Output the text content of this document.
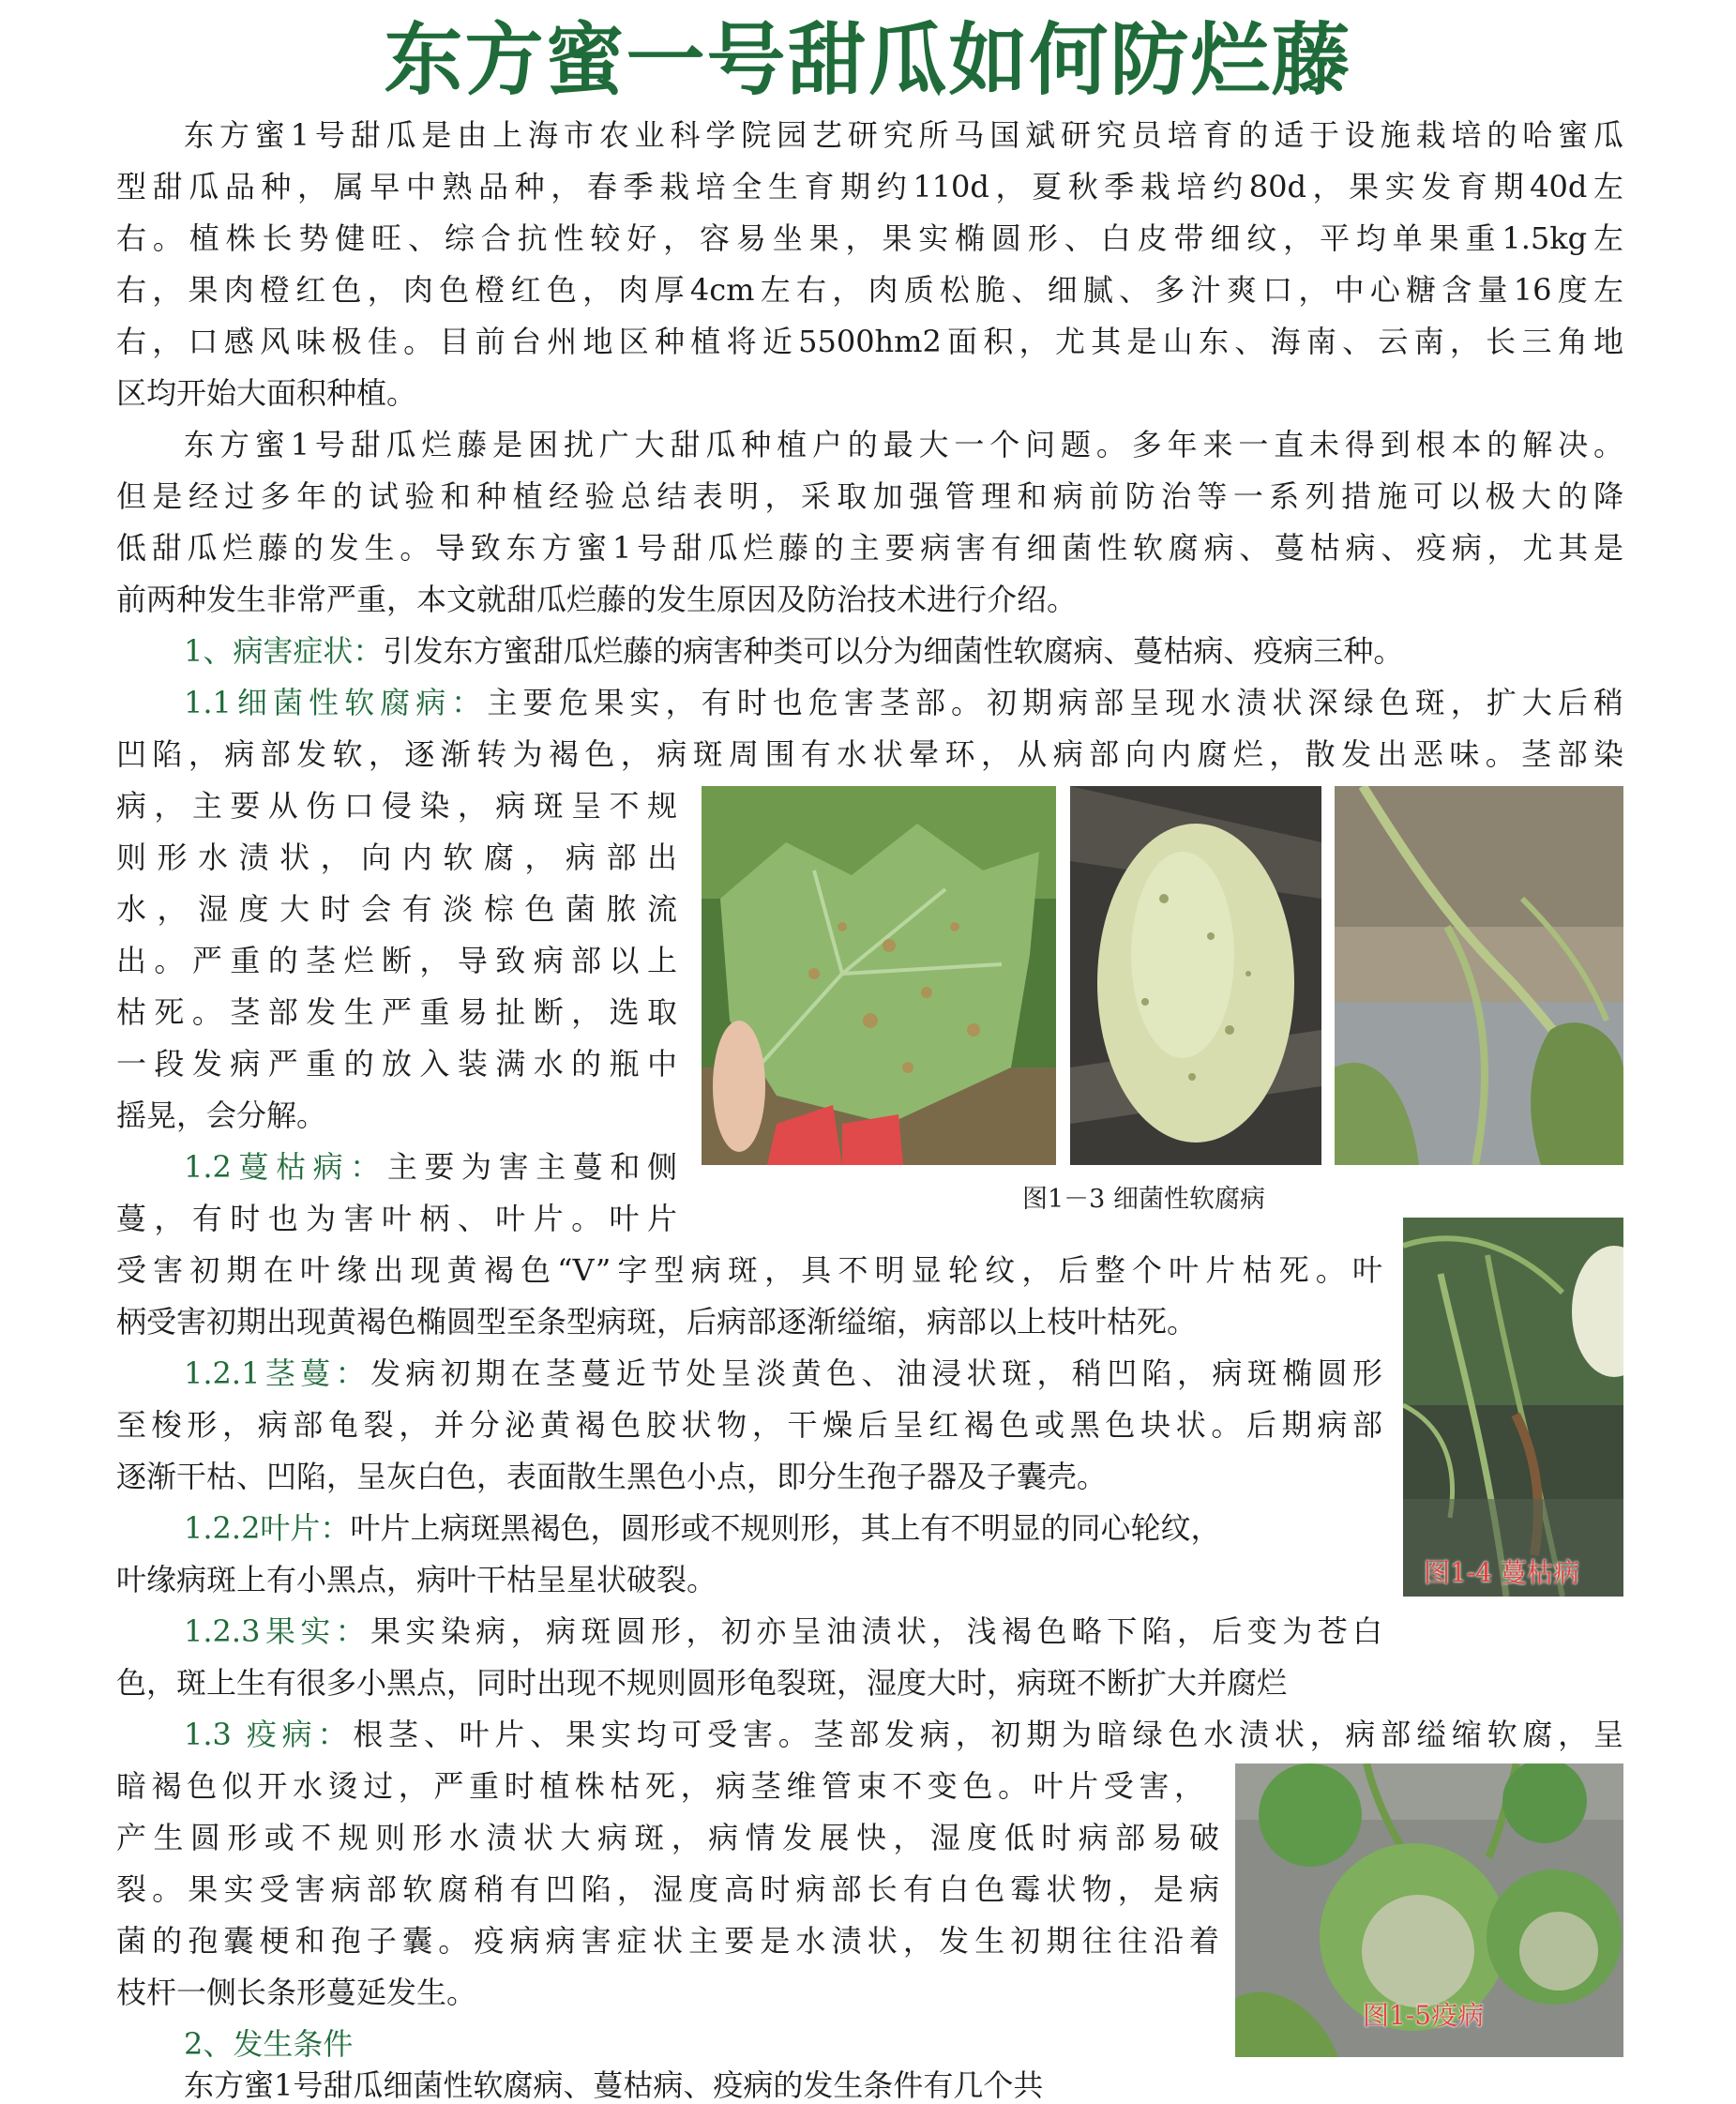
东方蜜一号甜瓜如何防烂藤
东方蜜1号甜瓜是由上海市农业科学院园艺研究所马国斌研究员培育的适于设施栽培的哈蜜瓜
型甜瓜品种，属早中熟品种，春季栽培全生育期约110d，夏秋季栽培约80d，果实发育期40d左
右。植株长势健旺、综合抗性较好，容易坐果，果实椭圆形、白皮带细纹，平均单果重1.5kg左
右，果肉橙红色，肉色橙红色，肉厚4cm左右，肉质松脆、细腻、多汁爽口，中心糖含量16度左
右，口感风味极佳。目前台州地区种植将近5500hm2面积，尤其是山东、海南、云南，长三角地
区均开始大面积种植。
东方蜜1号甜瓜烂藤是困扰广大甜瓜种植户的最大一个问题。多年来一直未得到根本的解决。
但是经过多年的试验和种植经验总结表明，采取加强管理和病前防治等一系列措施可以极大的降
低甜瓜烂藤的发生。导致东方蜜1号甜瓜烂藤的主要病害有细菌性软腐病、蔓枯病、疫病，尤其是
前两种发生非常严重，本文就甜瓜烂藤的发生原因及防治技术进行介绍。
1、病害症状：引发东方蜜甜瓜烂藤的病害种类可以分为细菌性软腐病、蔓枯病、疫病三种。
1.1细菌性软腐病：主要危果实，有时也危害茎部。初期病部呈现水渍状深绿色斑，扩大后稍
凹陷，病部发软，逐渐转为褐色，病斑周围有水状晕环，从病部向内腐烂，散发出恶味。茎部染
病，主要从伤口侵染，病斑呈不规
则形水渍状，向内软腐，病部出
水，湿度大时会有淡棕色菌脓流
出。严重的茎烂断，导致病部以上
枯死。茎部发生严重易扯断，选取
一段发病严重的放入装满水的瓶中
摇晃，会分解。
1.2蔓枯病：主要为害主蔓和侧
蔓，有时也为害叶柄、叶片。叶片
受害初期在叶缘出现黄褐色“V”字型病斑，具不明显轮纹，后整个叶片枯死。叶
柄受害初期出现黄褐色椭圆型至条型病斑，后病部逐渐缢缩，病部以上枝叶枯死。
1.2.1茎蔓：发病初期在茎蔓近节处呈淡黄色、油浸状斑，稍凹陷，病斑椭圆形
至梭形，病部龟裂，并分泌黄褐色胶状物，干燥后呈红褐色或黑色块状。后期病部
逐渐干枯、凹陷，呈灰白色，表面散生黑色小点，即分生孢子器及子囊壳。
1.2.2叶片：叶片上病斑黑褐色，圆形或不规则形，其上有不明显的同心轮纹，
叶缘病斑上有小黑点，病叶干枯呈星状破裂。
1.2.3果实：果实染病，病斑圆形，初亦呈油渍状，浅褐色略下陷，后变为苍白
色，斑上生有很多小黑点，同时出现不规则圆形龟裂斑，湿度大时，病斑不断扩大并腐烂
1.3 疫病：根茎、叶片、果实均可受害。茎部发病，初期为暗绿色水渍状，病部缢缩软腐，呈
暗褐色似开水烫过，严重时植株枯死，病茎维管束不变色。叶片受害，
产生圆形或不规则形水渍状大病斑，病情发展快，湿度低时病部易破
裂。果实受害病部软腐稍有凹陷，湿度高时病部长有白色霉状物，是病
菌的孢囊梗和孢子囊。疫病病害症状主要是水渍状，发生初期往往沿着
枝杆一侧长条形蔓延发生。
2、发生条件
东方蜜1号甜瓜细菌性软腐病、蔓枯病、疫病的发生条件有几个共
图1－3 细菌性软腐病
图1-4 蔓枯病
图1-5疫病
